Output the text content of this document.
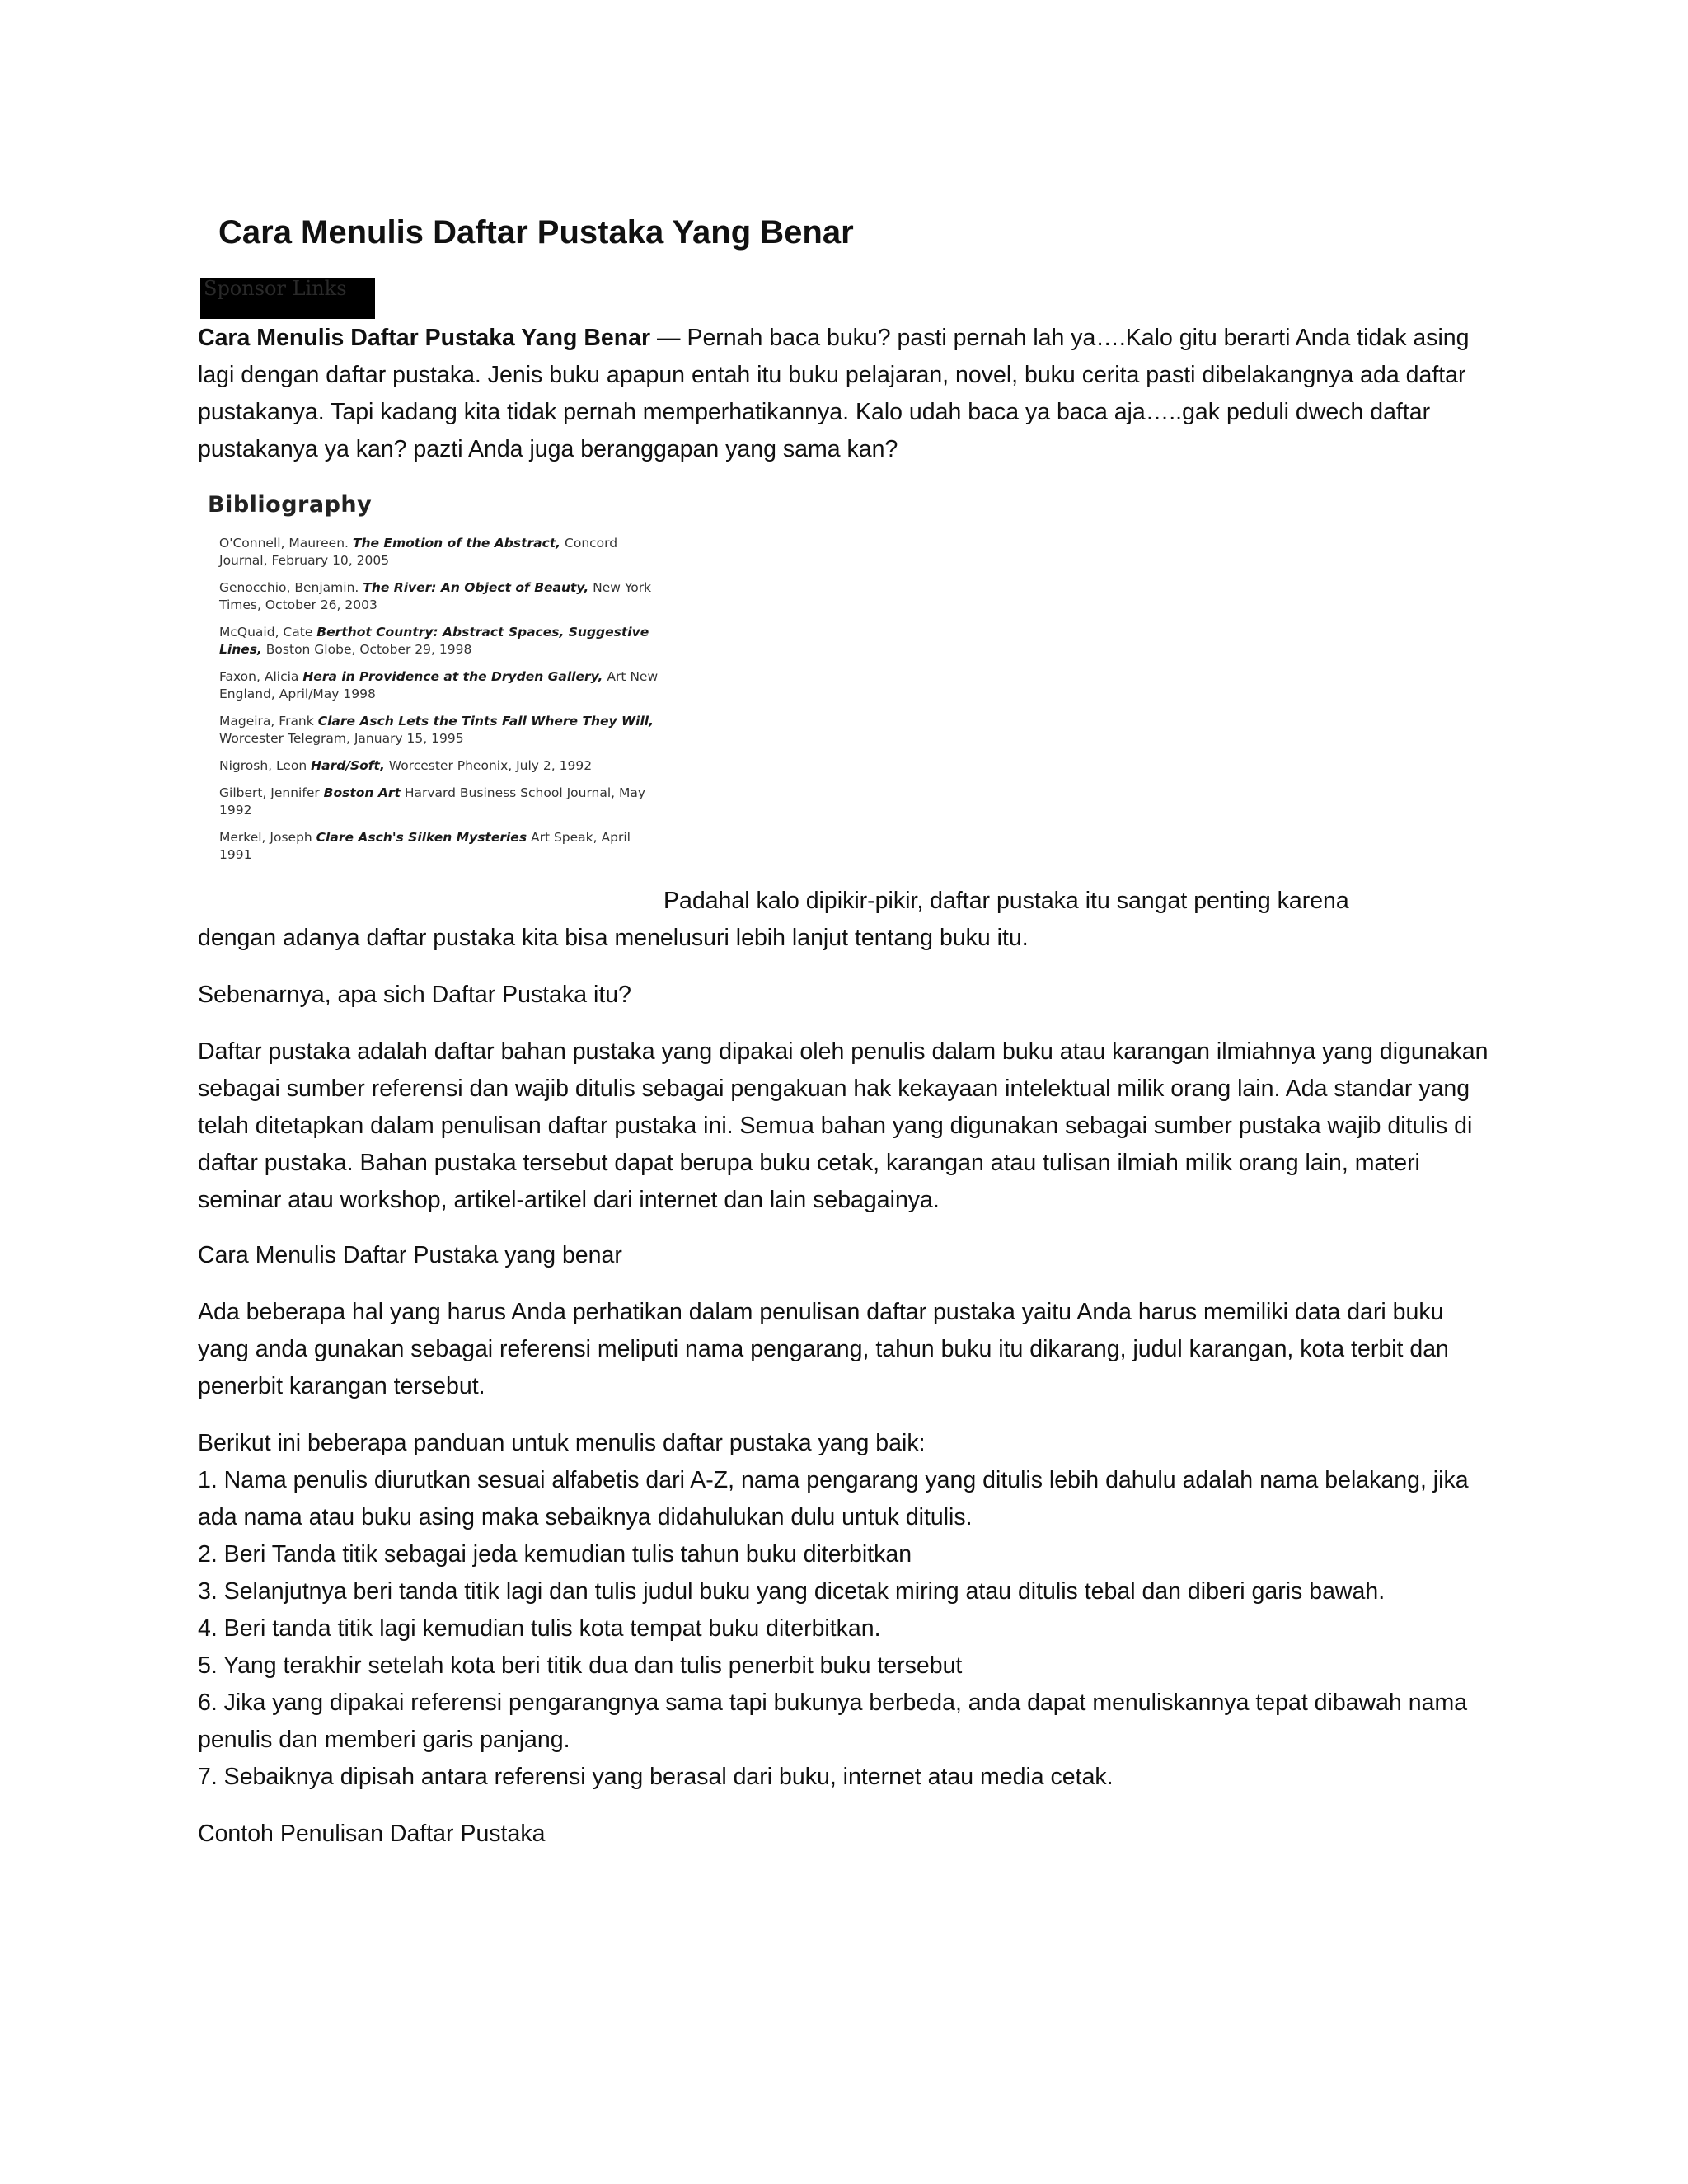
Cara Menulis Daftar Pustaka Yang Benar
Sponsor Links

Cara Menulis Daftar Pustaka Yang Benar — Pernah baca buku? pasti pernah lah ya….Kalo gitu berarti Anda tidak asing lagi dengan daftar pustaka. Jenis buku apapun entah itu buku pelajaran, novel, buku cerita pasti dibelakangnya ada daftar pustakanya. Tapi kadang kita tidak pernah memperhatikannya. Kalo udah baca ya baca aja…..gak peduli dwech daftar pustakanya ya kan? pazti Anda juga beranggapan yang sama kan?

Bibliography
O'Connell, Maureen. The Emotion of the Abstract, Concord Journal, February 10, 2005
Genocchio, Benjamin. The River: An Object of Beauty, New York Times, October 26, 2003
McQuaid, Cate Berthot Country: Abstract Spaces, Suggestive Lines, Boston Globe, October 29, 1998
Faxon, Alicia Hera in Providence at the Dryden Gallery, Art New England, April/May 1998
Mageira, Frank Clare Asch Lets the Tints Fall Where They Will, Worcester Telegram, January 15, 1995
Nigrosh, Leon Hard/Soft, Worcester Pheonix, July 2, 1992
Gilbert, Jennifer Boston Art Harvard Business School Journal, May 1992
Merkel, Joseph Clare Asch's Silken Mysteries Art Speak, April 1991
Padahal kalo dipikir-pikir, daftar pustaka itu sangat penting karena

dengan adanya daftar pustaka kita bisa menelusuri lebih lanjut tentang buku itu.

Sebenarnya, apa sich Daftar Pustaka itu?

Daftar pustaka adalah daftar bahan pustaka yang dipakai oleh penulis dalam buku atau karangan ilmiahnya yang digunakan sebagai sumber referensi dan wajib ditulis sebagai pengakuan hak kekayaan intelektual milik orang lain. Ada standar yang telah ditetapkan dalam penulisan daftar pustaka ini. Semua bahan yang digunakan sebagai sumber pustaka wajib ditulis di daftar pustaka. Bahan pustaka tersebut dapat berupa buku cetak, karangan atau tulisan ilmiah milik orang lain, materi seminar atau workshop, artikel-artikel dari internet dan lain sebagainya.

Cara Menulis Daftar Pustaka yang benar

Ada beberapa hal yang harus Anda perhatikan dalam penulisan daftar pustaka yaitu Anda harus memiliki data dari buku yang anda gunakan sebagai referensi meliputi nama pengarang, tahun buku itu dikarang, judul karangan, kota terbit dan penerbit karangan tersebut.

Berikut ini beberapa panduan untuk menulis daftar pustaka yang baik:

1. Nama penulis diurutkan sesuai alfabetis dari A-Z, nama pengarang yang ditulis lebih dahulu adalah nama belakang, jika ada nama atau buku asing maka sebaiknya didahulukan dulu untuk ditulis.

2. Beri Tanda titik sebagai jeda kemudian tulis tahun buku diterbitkan

3. Selanjutnya beri tanda titik lagi dan tulis judul buku yang dicetak miring atau ditulis tebal dan diberi garis bawah.

4. Beri tanda titik lagi kemudian tulis kota tempat buku diterbitkan.

5. Yang terakhir setelah kota beri titik dua dan tulis penerbit buku tersebut

6. Jika yang dipakai referensi pengarangnya sama tapi bukunya berbeda, anda dapat menuliskannya tepat dibawah nama penulis dan memberi garis panjang.

7. Sebaiknya dipisah antara referensi yang berasal dari buku, internet atau media cetak.

Contoh Penulisan Daftar Pustaka
